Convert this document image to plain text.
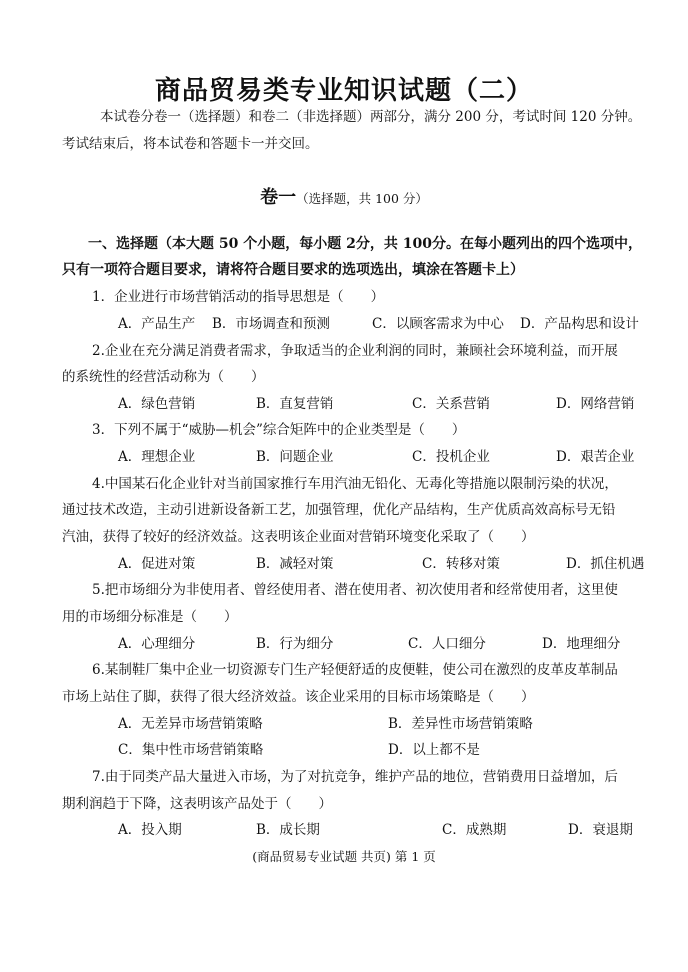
商品贸易类专业知识试题（二）
本试卷分卷一（选择题）和卷二（非选择题）两部分，满分 200 分，考试时间 120 分钟。
考试结束后，将本试卷和答题卡一并交回。
卷一（选择题，共 100 分）
一、选择题（本大题 50 个小题，每小题 2分，共 100分。在每小题列出的四个选项中，
只有一项符合题目要求，请将符合题目要求的选项选出，填涂在答题卡上）
1．企业进行市场营销活动的指导思想是（　　）
A．产品生产 B．市场调查和预测	C．以顾客需求为中心 D．产品构思和设计
2.企业在充分满足消费者需求，争取适当的企业利润的同时，兼顾社会环境利益，而开展
的系统性的经营活动称为（　　）
A．绿色营销	B．直复营销	C．关系营销	D．网络营销
3．下列不属于“威胁—机会”综合矩阵中的企业类型是（　　）
A．理想企业	B．问题企业	C．投机企业	D．艰苦企业
4.中国某石化企业针对当前国家推行车用汽油无铅化、无毒化等措施以限制污染的状况，
通过技术改造，主动引进新设备新工艺，加强管理，优化产品结构，生产优质高效高标号无铅
汽油，获得了较好的经济效益。这表明该企业面对营销环境变化采取了（　　）
A．促进对策	B．减轻对策	C．转移对策	D．抓住机遇
5.把市场细分为非使用者、曾经使用者、潜在使用者、初次使用者和经常使用者，这里使
用的市场细分标准是（　　）
A．心理细分	B．行为细分	C．人口细分	D．地理细分
6.某制鞋厂集中企业一切资源专门生产轻便舒适的皮便鞋，使公司在激烈的皮革皮革制品
市场上站住了脚，获得了很大经济效益。该企业采用的目标市场策略是（　　）
A．无差异市场营销策略	B．差异性市场营销策略
C．集中性市场营销策略	D．以上都不是
7.由于同类产品大量进入市场，为了对抗竞争，维护产品的地位，营销费用日益增加，后
期利润趋于下降，这表明该产品处于（　　）
A．投入期	B．成长期	C．成熟期	D．衰退期
(商品贸易专业试题 共页) 第 1 页
